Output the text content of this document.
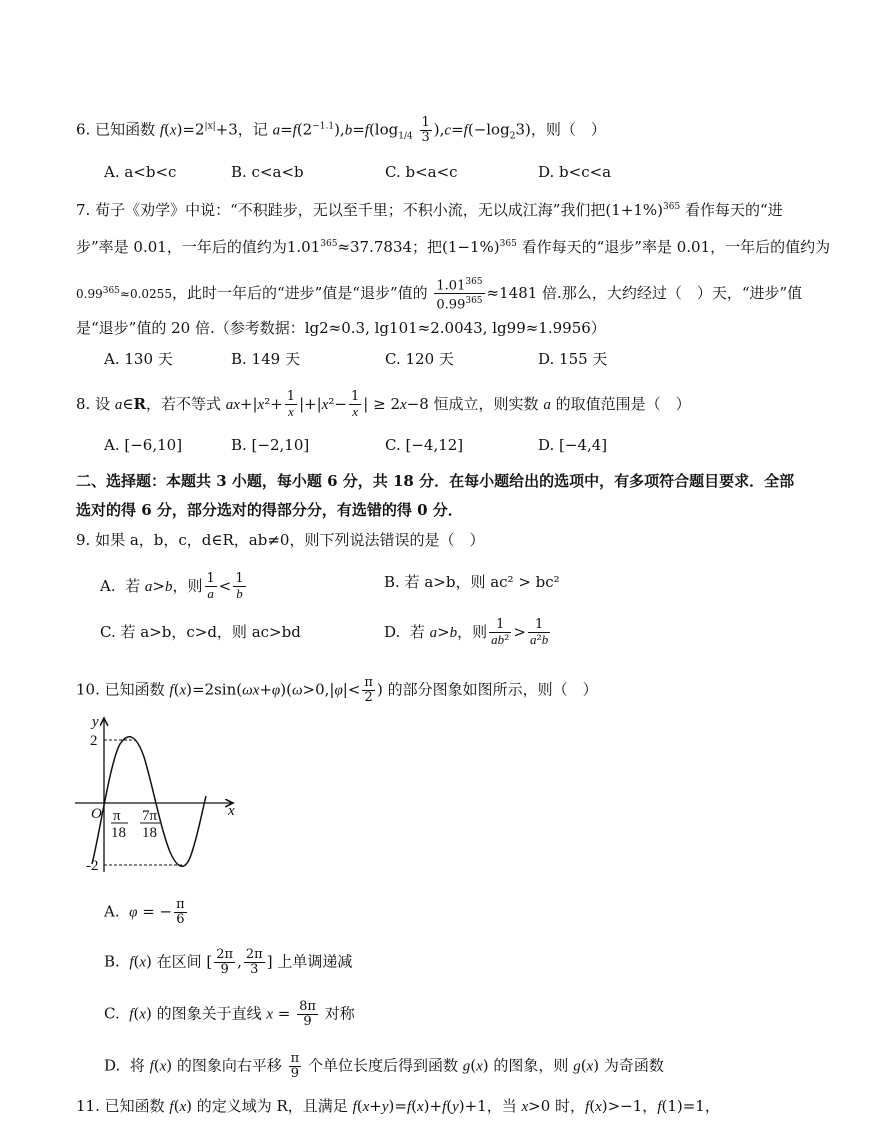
6. 已知函数 $f(x)=2^{|x|}+3$，记 $a=f(2^{-1.1}),b=f(\log_{1/4} \frac{1}{3} ),c=f(-\log_23)$，则（　）
A. a<b<c	B. c<a<b	C. b<a<c	D. b<c<a
7. 荀子《劝学》中说：“不积跬步，无以至千里；不积小流，无以成江海”我们把$(1+1\%)^{365}$ 看作每天的“进
步”率是 0.01，一年后的值约为$1.01^{365}\approx 37.7834$；把$(1-1\%)^{365}$ 看作每天的“退步”率是 0.01，一年后的值约为
$0.99^{365}\approx 0.0255$，此时一年后的“进步”值是“退步”值的 $\frac{1.01^{365}}{0.99^{365}} \approx 1481$ 倍.那么，大约经过（　）天，“进步”值
是“退步”值的 20 倍.（参考数据：lg2≈0.3, lg101≈2.0043, lg99≈1.9956）
A. 130 天	B. 149 天	C. 120 天	D. 155 天
8. 设 a∈R，若不等式 $ax+|x^2+ \frac{1}{x} |+|x^2- \frac{1}{x}$ | ≥ 2x−8 恒成立，则实数 a 的取值范围是（　）
A. [−6,10]	B. [−2,10]	C. [−4,12]	D. [−4,4]
二、选择题：本题共 3 小题，每小题 6 分，共 18 分．在每小题给出的选项中，有多项符合题目要求．全部
选对的得 6 分，部分选对的得部分分，有选错的得 0 分．
9. 如果 a，b，c，d∈R，ab≠0，则下列说法错误的是（　）
A.  若 a>b，则 $\frac{1}{a} < \frac{1}{b}$	B. 若 a>b，则 ac² > bc²
C. 若 a>b，c>d，则 ac>bd	D.  若 a>b，则 $\frac{1}{\text{ab²}} > \frac{1}{\text{a²b}}$
10. 已知函数 $f(x)=2\sin(\omega x+\varphi)(\omega>0,|\varphi|< \frac{\pi}{2}$ ) 的部分图象如图所示，则（　）
y
x
O
2
-2
π
18
7π
18
A.  φ = − $\frac{\pi}{6}$
B.  f(x) 在区间 [ $\frac{2\pi}{9}$ , $\frac{2\pi}{3}$ ] 上单调递减
C.  f(x) 的图象关于直线 $x = \frac{8\pi}{9}$ 对称
D.  将 f(x) 的图象向右平移 $\frac{\pi}{9}$ 个单位长度后得到函数 g(x) 的图象，则 g(x) 为奇函数
11. 已知函数 f(x) 的定义域为 R，且满足 f(x+y)=f(x)+f(y)+1，当 x>0 时，f(x)>−1，f(1)=1，
